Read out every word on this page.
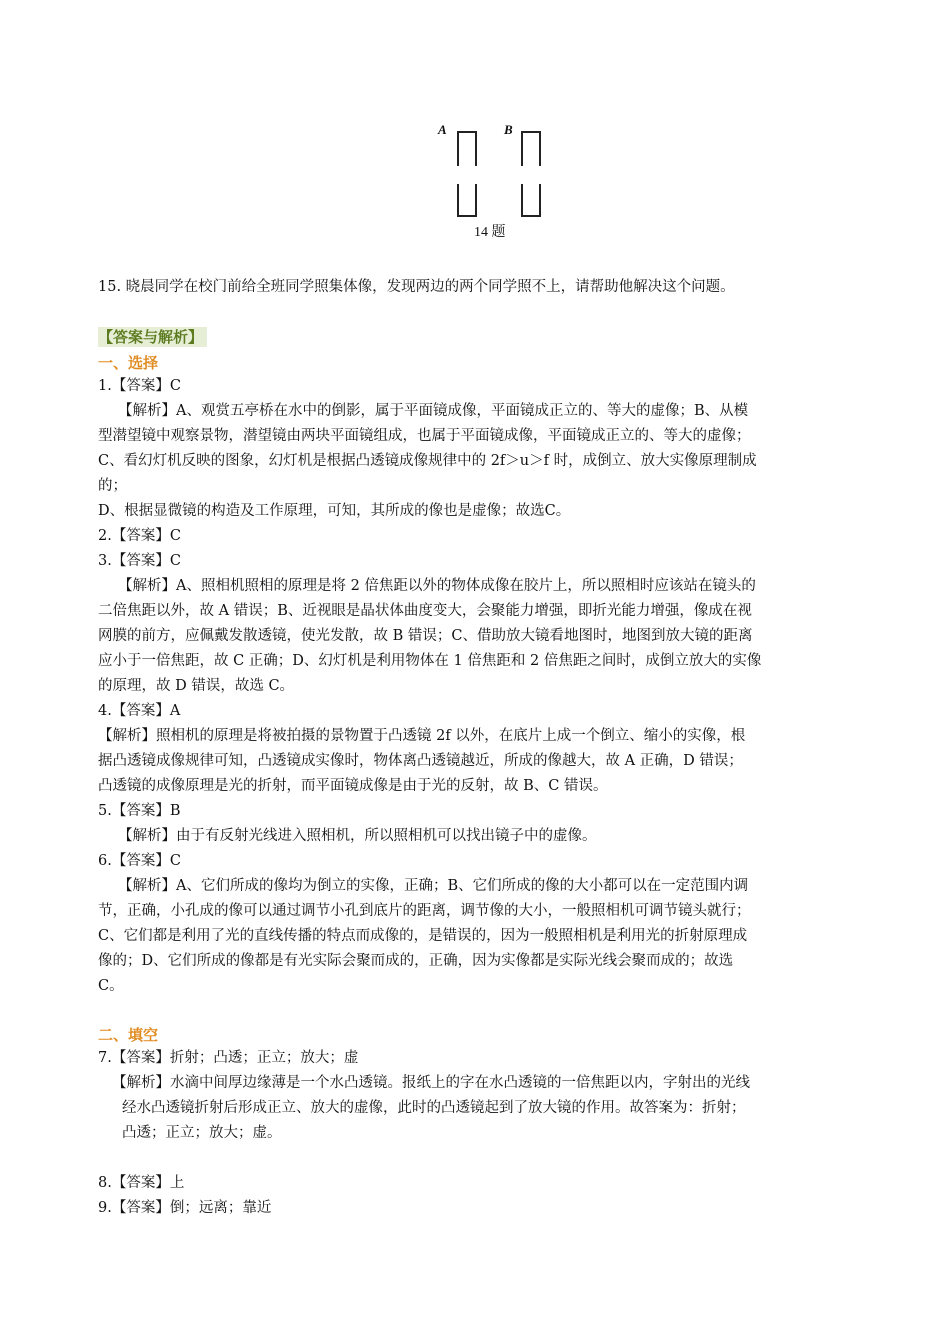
A	B
14 题
15. 晓晨同学在校门前给全班同学照集体像，发现两边的两个同学照不上，请帮助他解决这个问题。
【答案与解析】
一、选择
1.【答案】C
【解析】A、观赏五亭桥在水中的倒影，属于平面镜成像，平面镜成正立的、等大的虚像；B、从模
型潜望镜中观察景物，潜望镜由两块平面镜组成，也属于平面镜成像，平面镜成正立的、等大的虚像；
C、看幻灯机反映的图象，幻灯机是根据凸透镜成像规律中的 2f＞u＞f 时，成倒立、放大实像原理制成
的；
D、根据显微镜的构造及工作原理，可知，其所成的像也是虚像；故选C。
2.【答案】C
3.【答案】C
【解析】A、照相机照相的原理是将 2 倍焦距以外的物体成像在胶片上，所以照相时应该站在镜头的
二倍焦距以外，故 A 错误；B、近视眼是晶状体曲度变大，会聚能力增强，即折光能力增强，像成在视
网膜的前方，应佩戴发散透镜，使光发散，故 B 错误；C、借助放大镜看地图时，地图到放大镜的距离
应小于一倍焦距，故 C 正确；D、幻灯机是利用物体在 1 倍焦距和 2 倍焦距之间时，成倒立放大的实像
的原理，故 D 错误，故选 C。
4.【答案】A
【解析】照相机的原理是将被拍摄的景物置于凸透镜 2f 以外，在底片上成一个倒立、缩小的实像，根
据凸透镜成像规律可知，凸透镜成实像时，物体离凸透镜越近，所成的像越大，故 A 正确，D 错误；
凸透镜的成像原理是光的折射，而平面镜成像是由于光的反射，故 B、C 错误。
5.【答案】B
【解析】由于有反射光线进入照相机，所以照相机可以找出镜子中的虚像。
6.【答案】C
【解析】A、它们所成的像均为倒立的实像，正确；B、它们所成的像的大小都可以在一定范围内调
节，正确，小孔成的像可以通过调节小孔到底片的距离，调节像的大小，一般照相机可调节镜头就行；
C、它们都是利用了光的直线传播的特点而成像的，是错误的，因为一般照相机是利用光的折射原理成
像的；D、它们所成的像都是有光实际会聚而成的，正确，因为实像都是实际光线会聚而成的；故选
C。
二、填空
7.【答案】折射；凸透；正立；放大；虚
【解析】水滴中间厚边缘薄是一个水凸透镜。报纸上的字在水凸透镜的一倍焦距以内，字射出的光线
经水凸透镜折射后形成正立、放大的虚像，此时的凸透镜起到了放大镜的作用。故答案为：折射；
凸透；正立；放大；虚。
8.【答案】上
9.【答案】倒；远离；靠近
